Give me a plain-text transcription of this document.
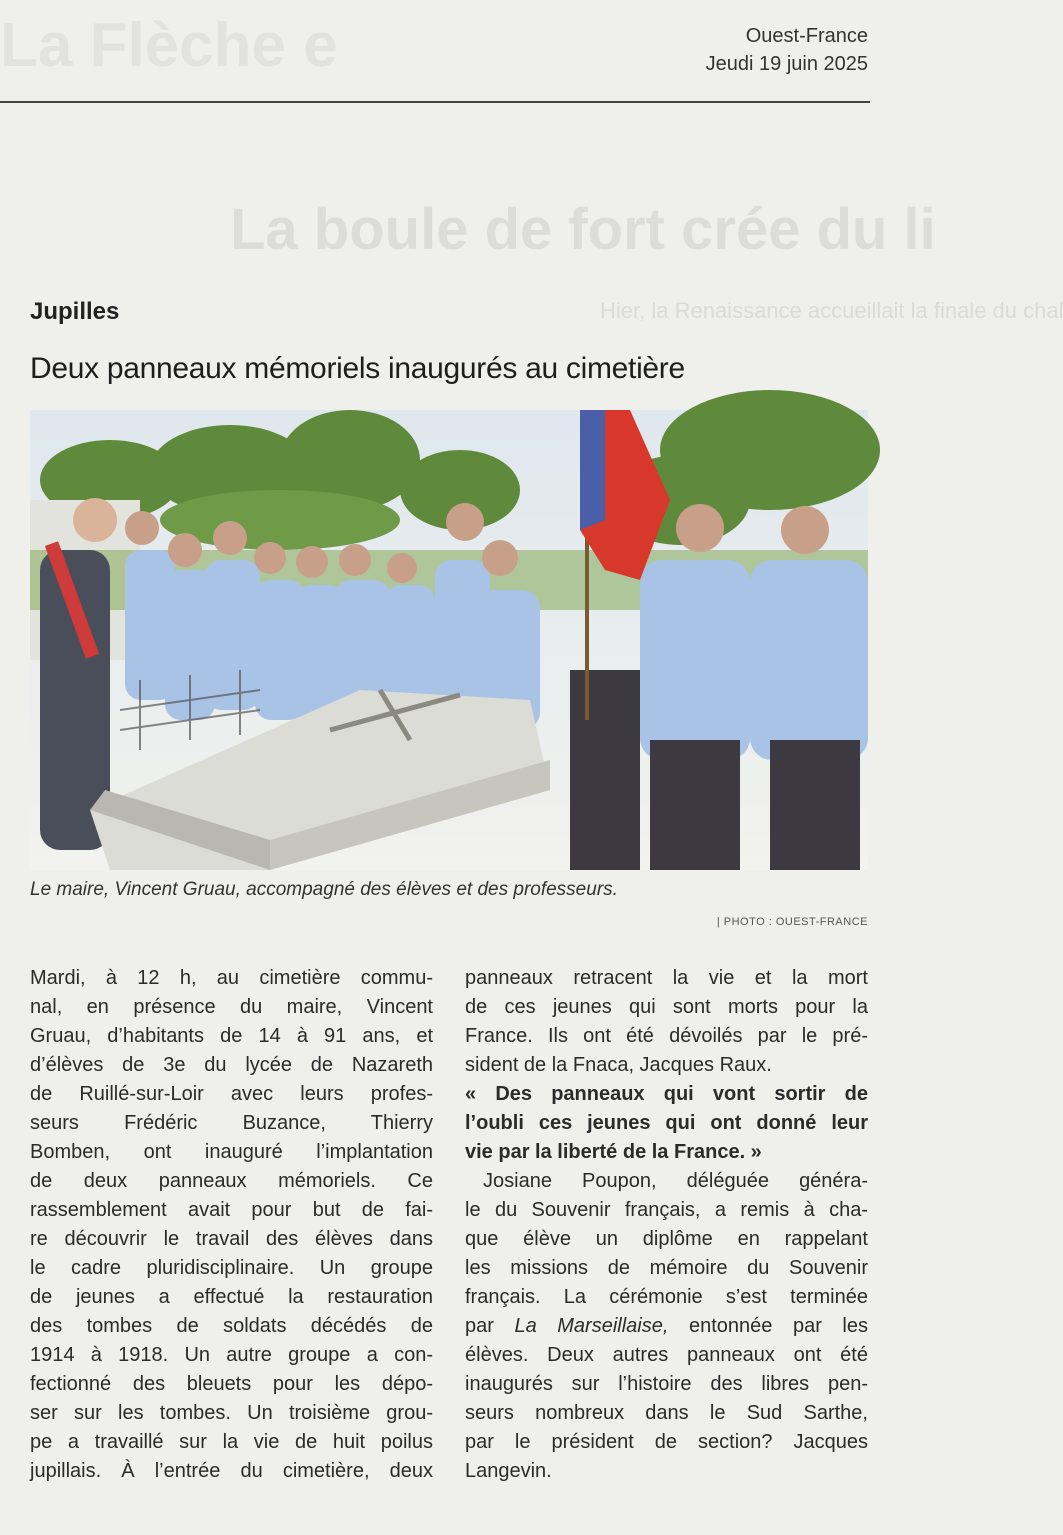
La Flèche e
La boule de fort crée du li
Hier, la Renaissance accueillait la finale du chal
Ouest-France
Jeudi 19 juin 2025
Jupilles
Deux panneaux mémoriels inaugurés au cimetière
Le maire, Vincent Gruau, accompagné des élèves et des professeurs.
| PHOTO : OUEST-FRANCE
Mardi, à 12 h, au cimetière commu-
nal, en présence du maire, Vincent
Gruau, d’habitants de 14 à 91 ans, et
d’élèves de 3e du lycée de Nazareth
de Ruillé-sur-Loir avec leurs profes-
seurs Frédéric Buzance, Thierry
Bomben, ont inauguré l’implantation
de deux panneaux mémoriels. Ce
rassemblement avait pour but de fai-
re découvrir le travail des élèves dans
le cadre pluridisciplinaire. Un groupe
de jeunes a effectué la restauration
des tombes de soldats décédés de
1914 à 1918. Un autre groupe a con-
fectionné des bleuets pour les dépo-
ser sur les tombes. Un troisième grou-
pe a travaillé sur la vie de huit poilus
jupillais. À l’entrée du cimetière, deux
panneaux retracent la vie et la mort
de ces jeunes qui sont morts pour la
France. Ils ont été dévoilés par le pré-
sident de la Fnaca, Jacques Raux.
« Des panneaux qui vont sortir de
l’oubli ces jeunes qui ont donné leur
vie par la liberté de la France. »
Josiane Poupon, déléguée généra-
le du Souvenir français, a remis à cha-
que élève un diplôme en rappelant
les missions de mémoire du Souvenir
français. La cérémonie s’est terminée
par La Marseillaise, entonnée par les
élèves. Deux autres panneaux ont été
inaugurés sur l’histoire des libres pen-
seurs nombreux dans le Sud Sarthe,
par le président de section? Jacques
Langevin.
